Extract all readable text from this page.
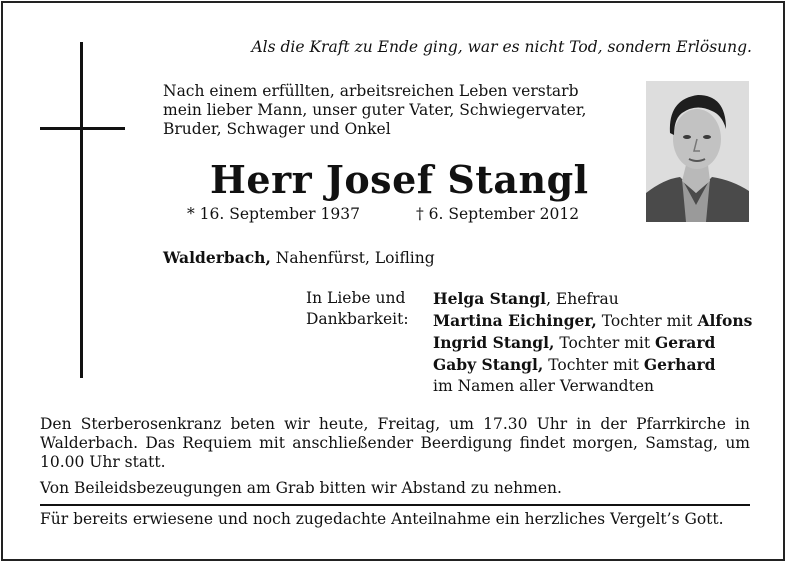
Als die Kraft zu Ende ging, war es nicht Tod, sondern Erlösung.
Nach einem erfüllten, arbeitsreichen Leben verstarb
mein lieber Mann, unser guter Vater, Schwiegervater,
Bruder, Schwager und Onkel
Herr Josef Stangl
* 16. September 1937	† 6. September 2012
Walderbach, Nahenfürst, Loifling
In Liebe und
Dankbarkeit:
Helga Stangl, Ehefrau
Martina Eichinger, Tochter mit Alfons
Ingrid Stangl, Tochter mit Gerard
Gaby Stangl, Tochter mit Gerhard
im Namen aller Verwandten
Den Sterberosenkranz beten wir heute, Freitag, um 17.30 Uhr in der Pfarrkirche in Walderbach. Das Requiem mit anschließender Beerdigung findet morgen, Samstag, um 10.00 Uhr statt.
Von Beileidsbezeugungen am Grab bitten wir Abstand zu nehmen.
Für bereits erwiesene und noch zugedachte Anteilnahme ein herzliches Vergelt’s Gott.
